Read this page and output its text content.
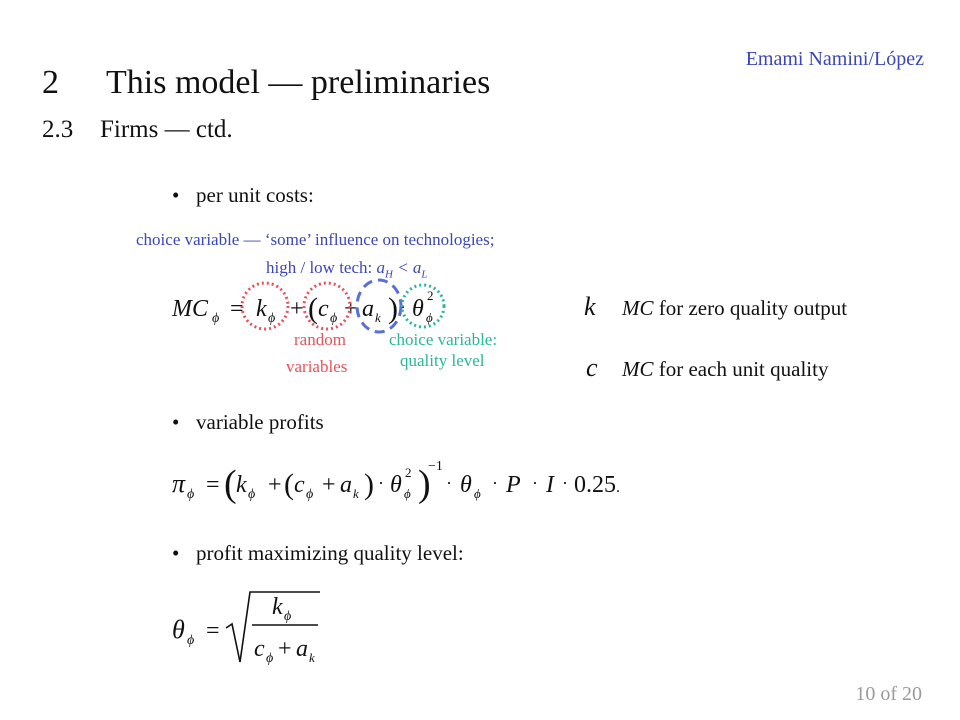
Emami Namini/López
2 This model — preliminaries
2.3 Firms — ctd.
• per unit costs:
choice variable — ‘some’ influence on technologies;
high / low tech: $a_H < a_L$
MC ϕ = k ϕ + ( c ϕ + a k ) · θ
2
ϕ
π ϕ = ( k ϕ + ( c ϕ + a k ) · θ 2
ϕ )
−1
· θ ϕ
· P · I · 0.25 .
θ ϕ =
k ϕ
c ϕ + a k
random
variables
choice variable:
quality level
k MC for zero quality output
c MC for each unit quality
• variable profits
• profit maximizing quality level:
10 of 20
